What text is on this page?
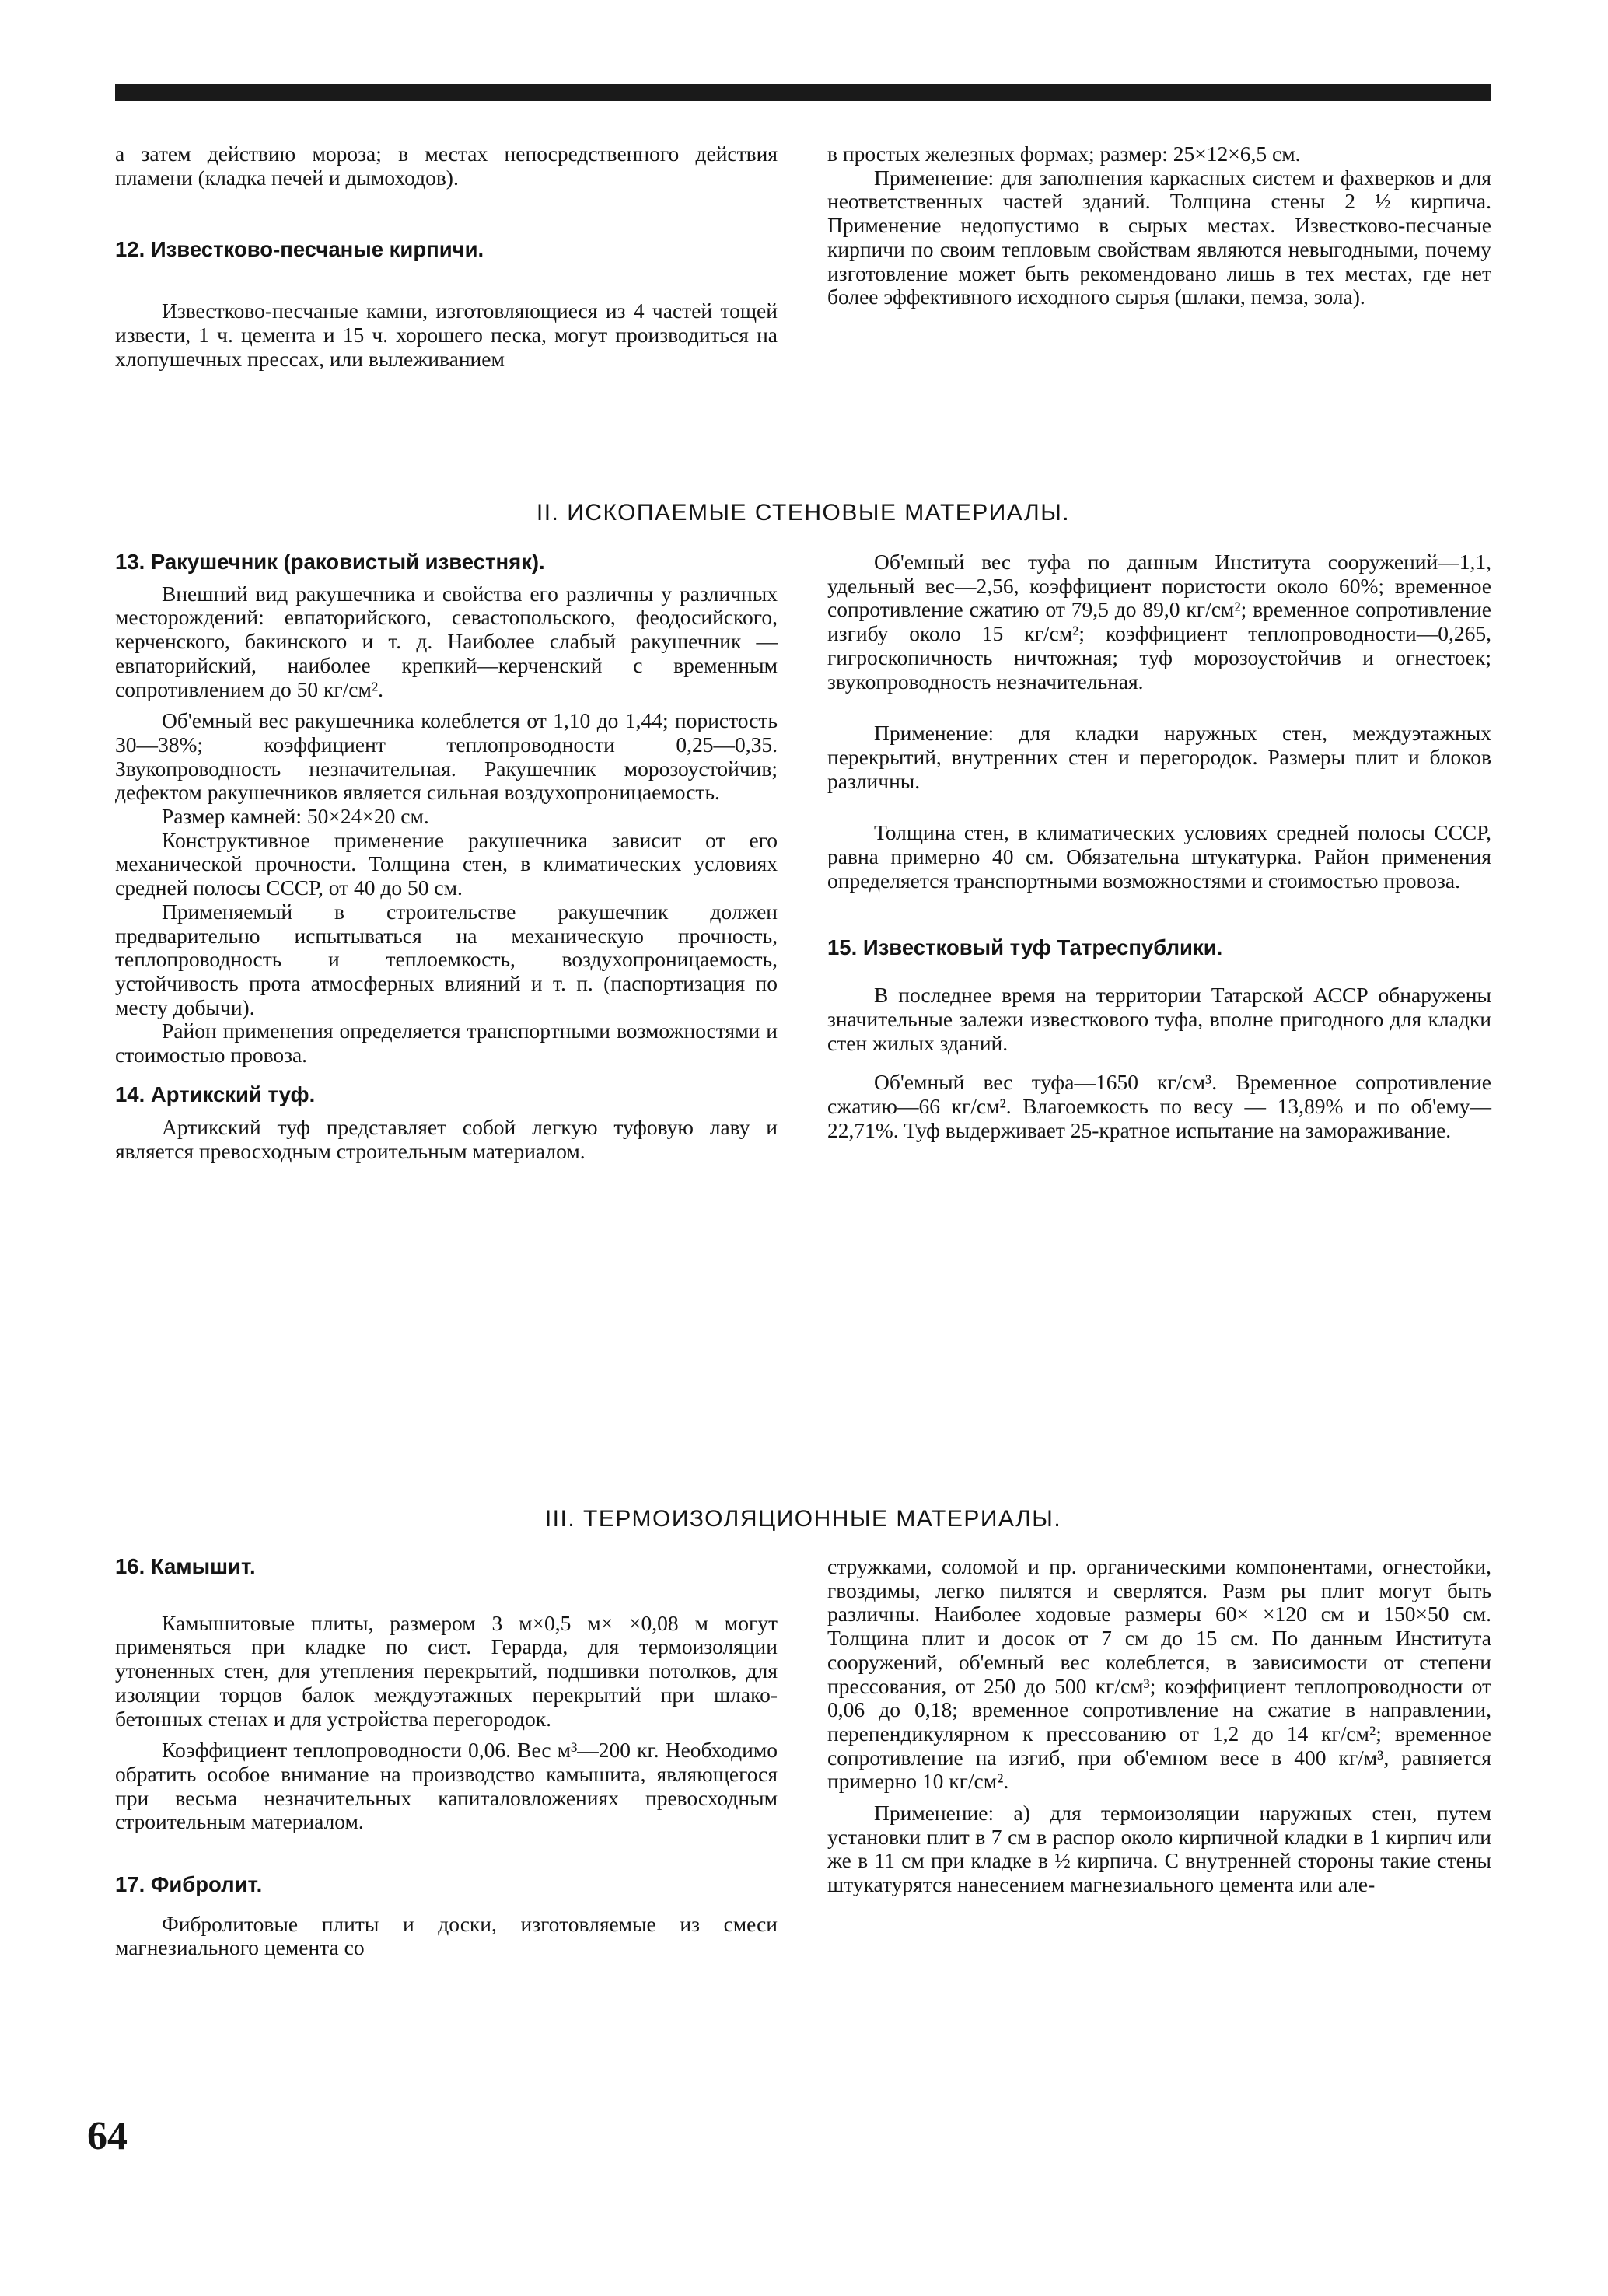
а затем действию мороза; в местах непосредственного действия пламени (кладка печей и дымоходов).

12. Известково-песчаные кирпичи.

Известково-песчаные камни, изготовляющиеся из 4 частей тощей извести, 1 ч. цемента и 15 ч. хорошего песка, могут производиться на хлопушечных прессах, или вылеживанием

в простых железных формах; размер: 25×12×6,5 см.

Применение: для заполнения каркасных систем и фахверков и для неответственных частей зданий. Толщина стены 2 ½ кирпича. Применение недопустимо в сырых местах. Известково-песчаные кирпичи по своим тепловым свойствам являются невыгодными, почему изготовление может быть рекомендовано лишь в тех местах, где нет более эффективного исходного сырья (шлаки, пемза, зола).

II. ИСКОПАЕМЫЕ СТЕНОВЫЕ МАТЕРИАЛЫ.

13. Ракушечник (раковистый известняк).

Внешний вид ракушечника и свойства его различны у различных месторождений: евпаторийского, севастопольского, феодосийского, керченского, бакинского и т. д. Наиболее слабый ракушечник — евпаторийский, наиболее крепкий—керченский с временным сопротивлением до 50 кг/см².

Об'емный вес ракушечника колеблется от 1,10 до 1,44; пористость 30—38%; коэффициент теплопроводности 0,25—0,35. Звукопроводность незначительная. Ракушечник морозоустойчив; дефектом ракушечников является сильная воздухопроницаемость.

Размер камней: 50×24×20 см.

Конструктивное применение ракушечника зависит от его механической прочности. Толщина стен, в климатических условиях средней полосы СССР, от 40 до 50 см.

Применяемый в строительстве ракушечник должен предварительно испытываться на механическую прочность, теплопроводность и теплоемкость, воздухопроницаемость, устойчивость прота атмосферных влияний и т. п. (паспортизация по месту добычи).

Район применения определяется транспортными возможностями и стоимостью провоза.

14. Артикский туф.

Артикский туф представляет собой легкую туфовую лаву и является превосходным строительным материалом.

Об'емный вес туфа по данным Института сооружений—1,1, удельный вес—2,56, коэффициент пористости около 60%; временное сопротивление сжатию от 79,5 до 89,0 кг/см²; временное сопротивление изгибу около 15 кг/см²; коэффициент теплопроводности—0,265, гигроскопичность ничтожная; туф морозоустойчив и огнестоек; звукопроводность незначительная.

Применение: для кладки наружных стен, междуэтажных перекрытий, внутренних стен и перегородок. Размеры плит и блоков различны.

Толщина стен, в климатических условиях средней полосы СССР, равна примерно 40 см. Обязательна штукатурка. Район применения определяется транспортными возможностями и стоимостью провоза.

15. Известковый туф Татреспублики.

В последнее время на территории Татарской АССР обнаружены значительные залежи известкового туфа, вполне пригодного для кладки стен жилых зданий.

Об'емный вес туфа—1650 кг/см³. Временное сопротивление сжатию—66 кг/см². Влагоемкость по весу — 13,89% и по об'ему—22,71%. Туф выдерживает 25-кратное испытание на замораживание.

III. ТЕРМОИЗОЛЯЦИОННЫЕ МАТЕРИАЛЫ.

16. Камышит.

Камышитовые плиты, размером 3 м×0,5 м× ×0,08 м могут применяться при кладке по сист. Герарда, для термоизоляции утоненных стен, для утепления перекрытий, подшивки потолков, для изоляции торцов балок междуэтажных перекрытий при шлако-бетонных стенах и для устройства перегородок.

Коэффициент теплопроводности 0,06. Вес м³—200 кг. Необходимо обратить особое внимание на производство камышита, являющегося при весьма незначительных капиталовложениях превосходным строительным материалом.

17. Фибролит.

Фибролитовые плиты и доски, изготовляемые из смеси магнезиального цемента со

стружками, соломой и пр. органическими компонентами, огнестойки, гвоздимы, легко пилятся и сверлятся. Разм ры плит могут быть различны. Наиболее ходовые размеры 60× ×120 см и 150×50 см. Толщина плит и досок от 7 см до 15 см. По данным Института сооружений, об'емный вес колеблется, в зависимости от степени прессования, от 250 до 500 кг/см³; коэффициент теплопроводности от 0,06 до 0,18; временное сопротивление на сжатие в направлении, перепендикулярном к прессованию от 1,2 до 14 кг/см²; временное сопротивление на изгиб, при об'емном весе в 400 кг/м³, равняется примерно 10 кг/см².

Применение: а) для термоизоляции наружных стен, путем установки плит в 7 см в распор около кирпичной кладки в 1 кирпич или же в 11 см при кладке в ½ кирпича. С внутренней стороны такие стены штукатурятся нанесением магнезиального цемента или але-

64
